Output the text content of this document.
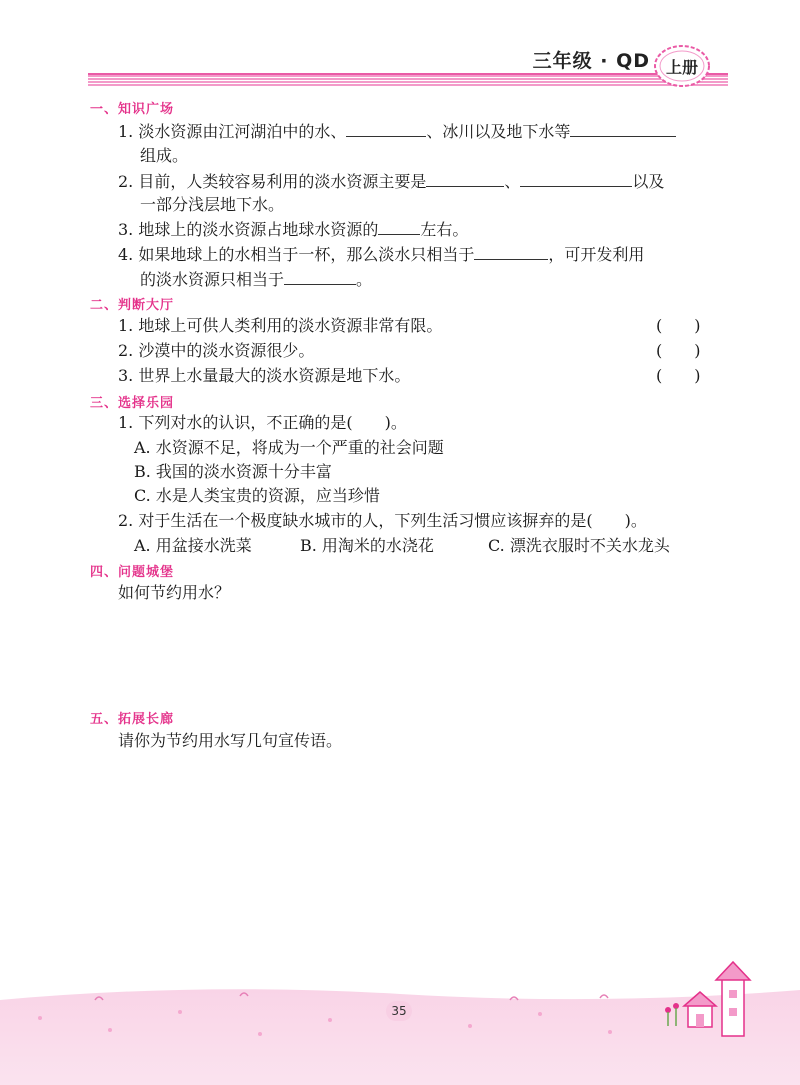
三年级 · QD 上册
一、知识广场
1. 淡水资源由江河湖泊中的水、	、冰川以及地下水等
组成。
2. 目前，人类较容易利用的淡水资源主要是	、	以及
一部分浅层地下水。
3. 地球上的淡水资源占地球水资源的	左右。
4. 如果地球上的水相当于一杯，那么淡水只相当于	，可开发利用
的淡水资源只相当于	。
二、判断大厅
1. 地球上可供人类利用的淡水资源非常有限。	(　　)
2. 沙漠中的淡水资源很少。	(　　)
3. 世界上水量最大的淡水资源是地下水。	(　　)
三、选择乐园
1. 下列对水的认识，不正确的是(　　)。
A. 水资源不足，将成为一个严重的社会问题
B. 我国的淡水资源十分丰富
C. 水是人类宝贵的资源，应当珍惜
2. 对于生活在一个极度缺水城市的人，下列生活习惯应该摒弃的是(　　)。
A. 用盆接水洗菜	B. 用淘米的水浇花	C. 漂洗衣服时不关水龙头
四、问题城堡
如何节约用水？
五、拓展长廊
请你为节约用水写几句宣传语。
35
